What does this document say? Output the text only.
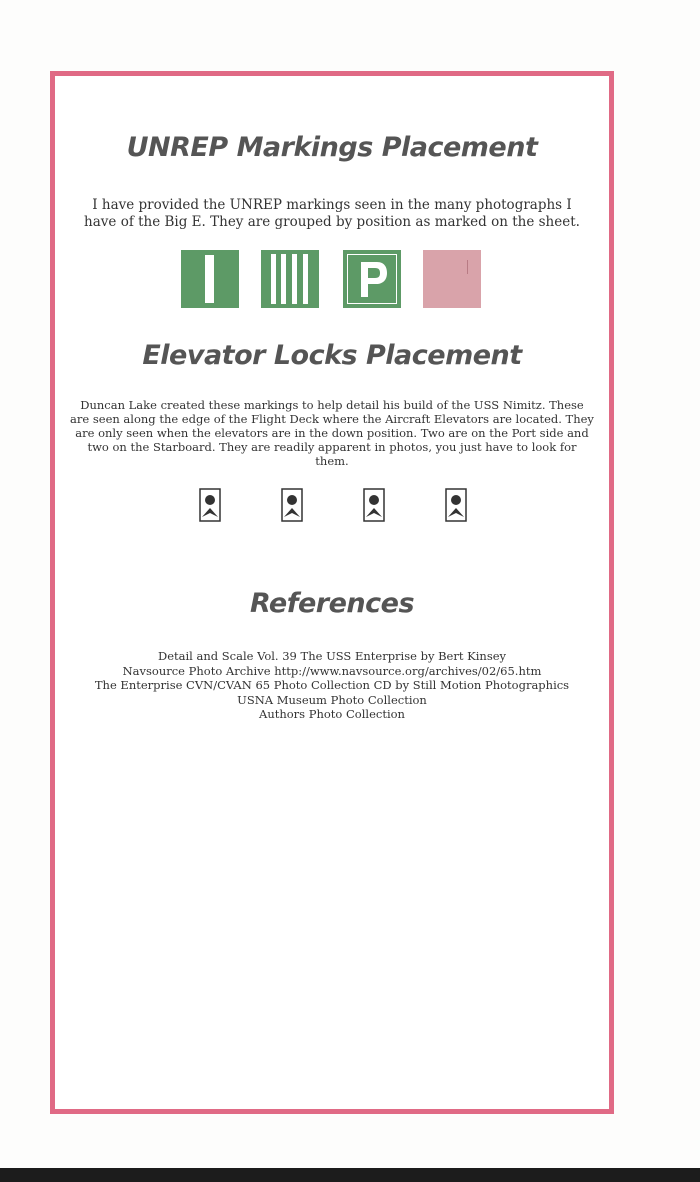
UNREP Markings Placement

I have provided the UNREP markings seen in the many photographs I have of the Big E. They are grouped by position as marked on the sheet.

Elevator Locks Placement

Duncan Lake created these markings to help detail his build of the USS Nimitz. These are seen along the edge of the Flight Deck where the Aircraft Elevators are located. They are only seen when the elevators are in the down position. Two are on the Port side and two on the Starboard. They are readily apparent in photos, you just have to look for them.

References
Detail and Scale Vol. 39 The USS Enterprise by Bert Kinsey
Navsource Photo Archive http://www.navsource.org/archives/02/65.htm
The Enterprise CVN/CVAN 65 Photo Collection CD by Still Motion Photographics
USNA Museum Photo Collection
Authors Photo Collection
